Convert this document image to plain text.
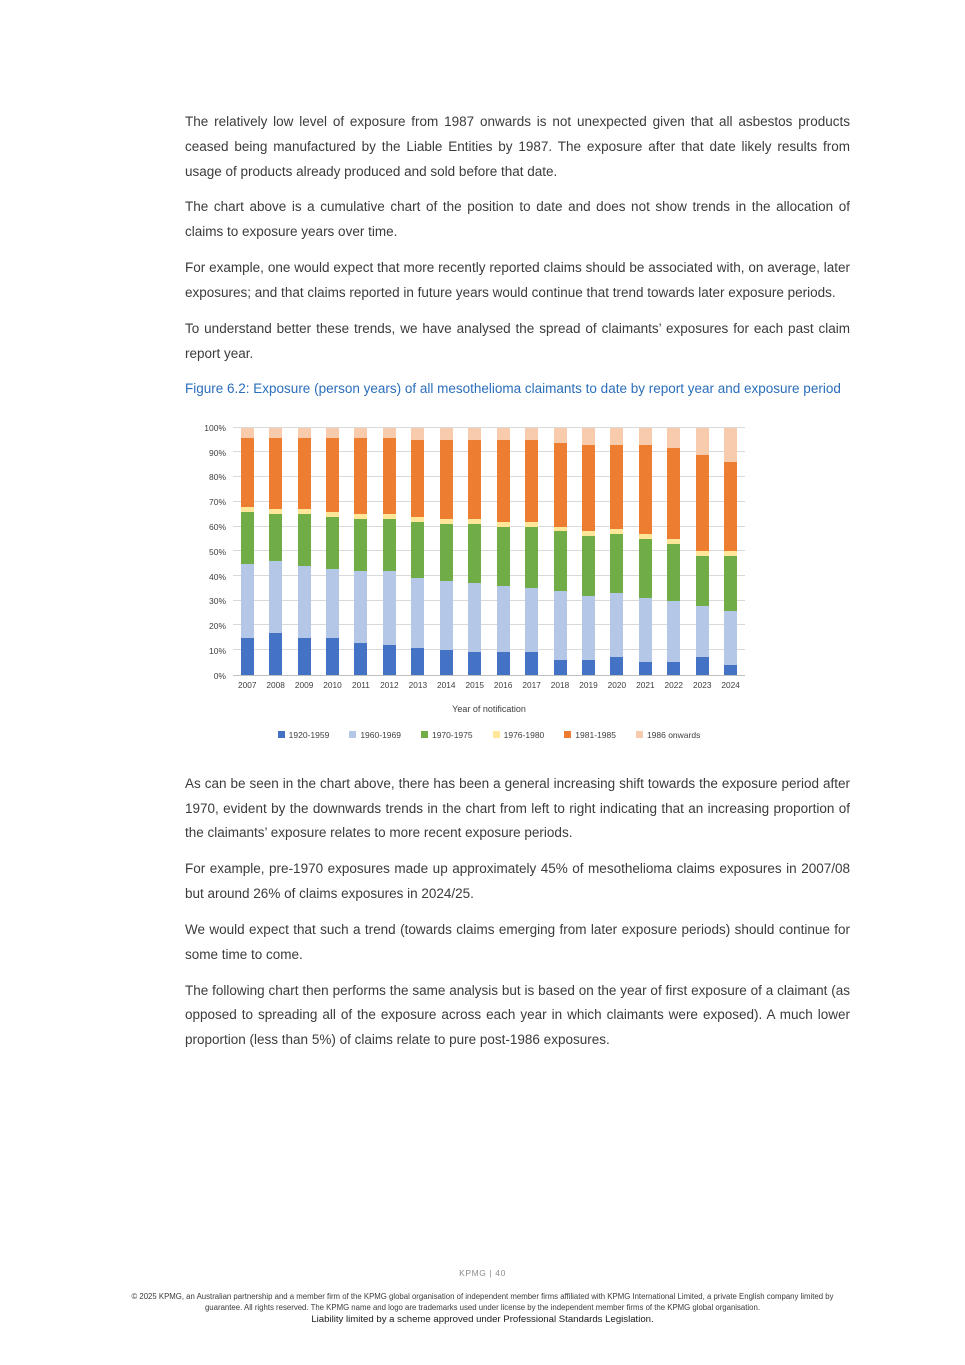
The relatively low level of exposure from 1987 onwards is not unexpected given that all asbestos products ceased being manufactured by the Liable Entities by 1987. The exposure after that date likely results from usage of products already produced and sold before that date.

The chart above is a cumulative chart of the position to date and does not show trends in the allocation of claims to exposure years over time.

For example, one would expect that more recently reported claims should be associated with, on average, later exposures; and that claims reported in future years would continue that trend towards later exposure periods.

To understand better these trends, we have analysed the spread of claimants’ exposures for each past claim report year.

Figure 6.2: Exposure (person years) of all mesothelioma claimants to date by report year and exposure period

0%
10%
20%
30%
40%
50%
60%
70%
80%
90%
100%
2007	2008	2009	2010	2011	2012	2013	2014	2015	2016	2017	2018	2019	2020	2021	2022	2023	2024
Year of notification
1920-1959	1960-1969	1970-1975	1976-1980	1981-1985	1986 onwards

As can be seen in the chart above, there has been a general increasing shift towards the exposure period after 1970, evident by the downwards trends in the chart from left to right indicating that an increasing proportion of the claimants’ exposure relates to more recent exposure periods.

For example, pre-1970 exposures made up approximately 45% of mesothelioma claims exposures in 2007/08 but around 26% of claims exposures in 2024/25.

We would expect that such a trend (towards claims emerging from later exposure periods) should continue for some time to come.

The following chart then performs the same analysis but is based on the year of first exposure of a claimant (as opposed to spreading all of the exposure across each year in which claimants were exposed). A much lower proportion (less than 5%) of claims relate to pure post-1986 exposures.

KPMG | 40
© 2025 KPMG, an Australian partnership and a member firm of the KPMG global organisation of independent member firms affiliated with KPMG International Limited, a private English company limited by guarantee. All rights reserved. The KPMG name and logo are trademarks used under license by the independent member firms of the KPMG global organisation.
Liability limited by a scheme approved under Professional Standards Legislation.
